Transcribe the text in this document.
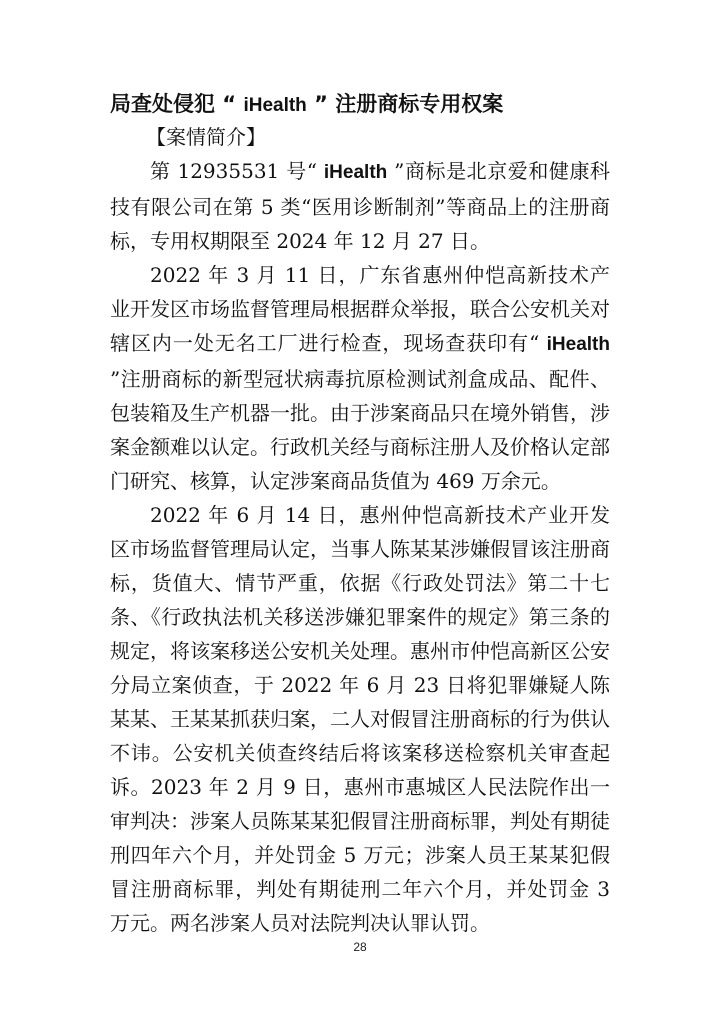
局查处侵犯 “ iHealth ” 注册商标专用权案

【案情简介】

第 12935531 号“ iHealth ”商标是北京爱和健康科技有限公司在第 5 类“医用诊断制剂”等商品上的注册商标，专用权期限至 2024 年 12 月 27 日。

2022 年 3 月 11 日，广东省惠州仲恺高新技术产业开发区市场监督管理局根据群众举报，联合公安机关对辖区内一处无名工厂进行检查，现场查获印有“ iHealth ”注册商标的新型冠状病毒抗原检测试剂盒成品、配件、包装箱及生产机器一批。由于涉案商品只在境外销售，涉案金额难以认定。行政机关经与商标注册人及价格认定部门研究、核算，认定涉案商品货值为 469 万余元。

2022 年 6 月 14 日，惠州仲恺高新技术产业开发区市场监督管理局认定，当事人陈某某涉嫌假冒该注册商标，货值大、情节严重，依据《行政处罚法》第二十七条、《行政执法机关移送涉嫌犯罪案件的规定》第三条的规定，将该案移送公安机关处理。惠州市仲恺高新区公安分局立案侦查，于 2022 年 6 月 23 日将犯罪嫌疑人陈某某、王某某抓获归案，二人对假冒注册商标的行为供认不讳。公安机关侦查终结后将该案移送检察机关审查起诉。2023 年 2 月 9 日，惠州市惠城区人民法院作出一审判决：涉案人员陈某某犯假冒注册商标罪，判处有期徒刑四年六个月，并处罚金 5 万元；涉案人员王某某犯假冒注册商标罪，判处有期徒刑二年六个月，并处罚金 3 万元。两名涉案人员对法院判决认罪认罚。

28
